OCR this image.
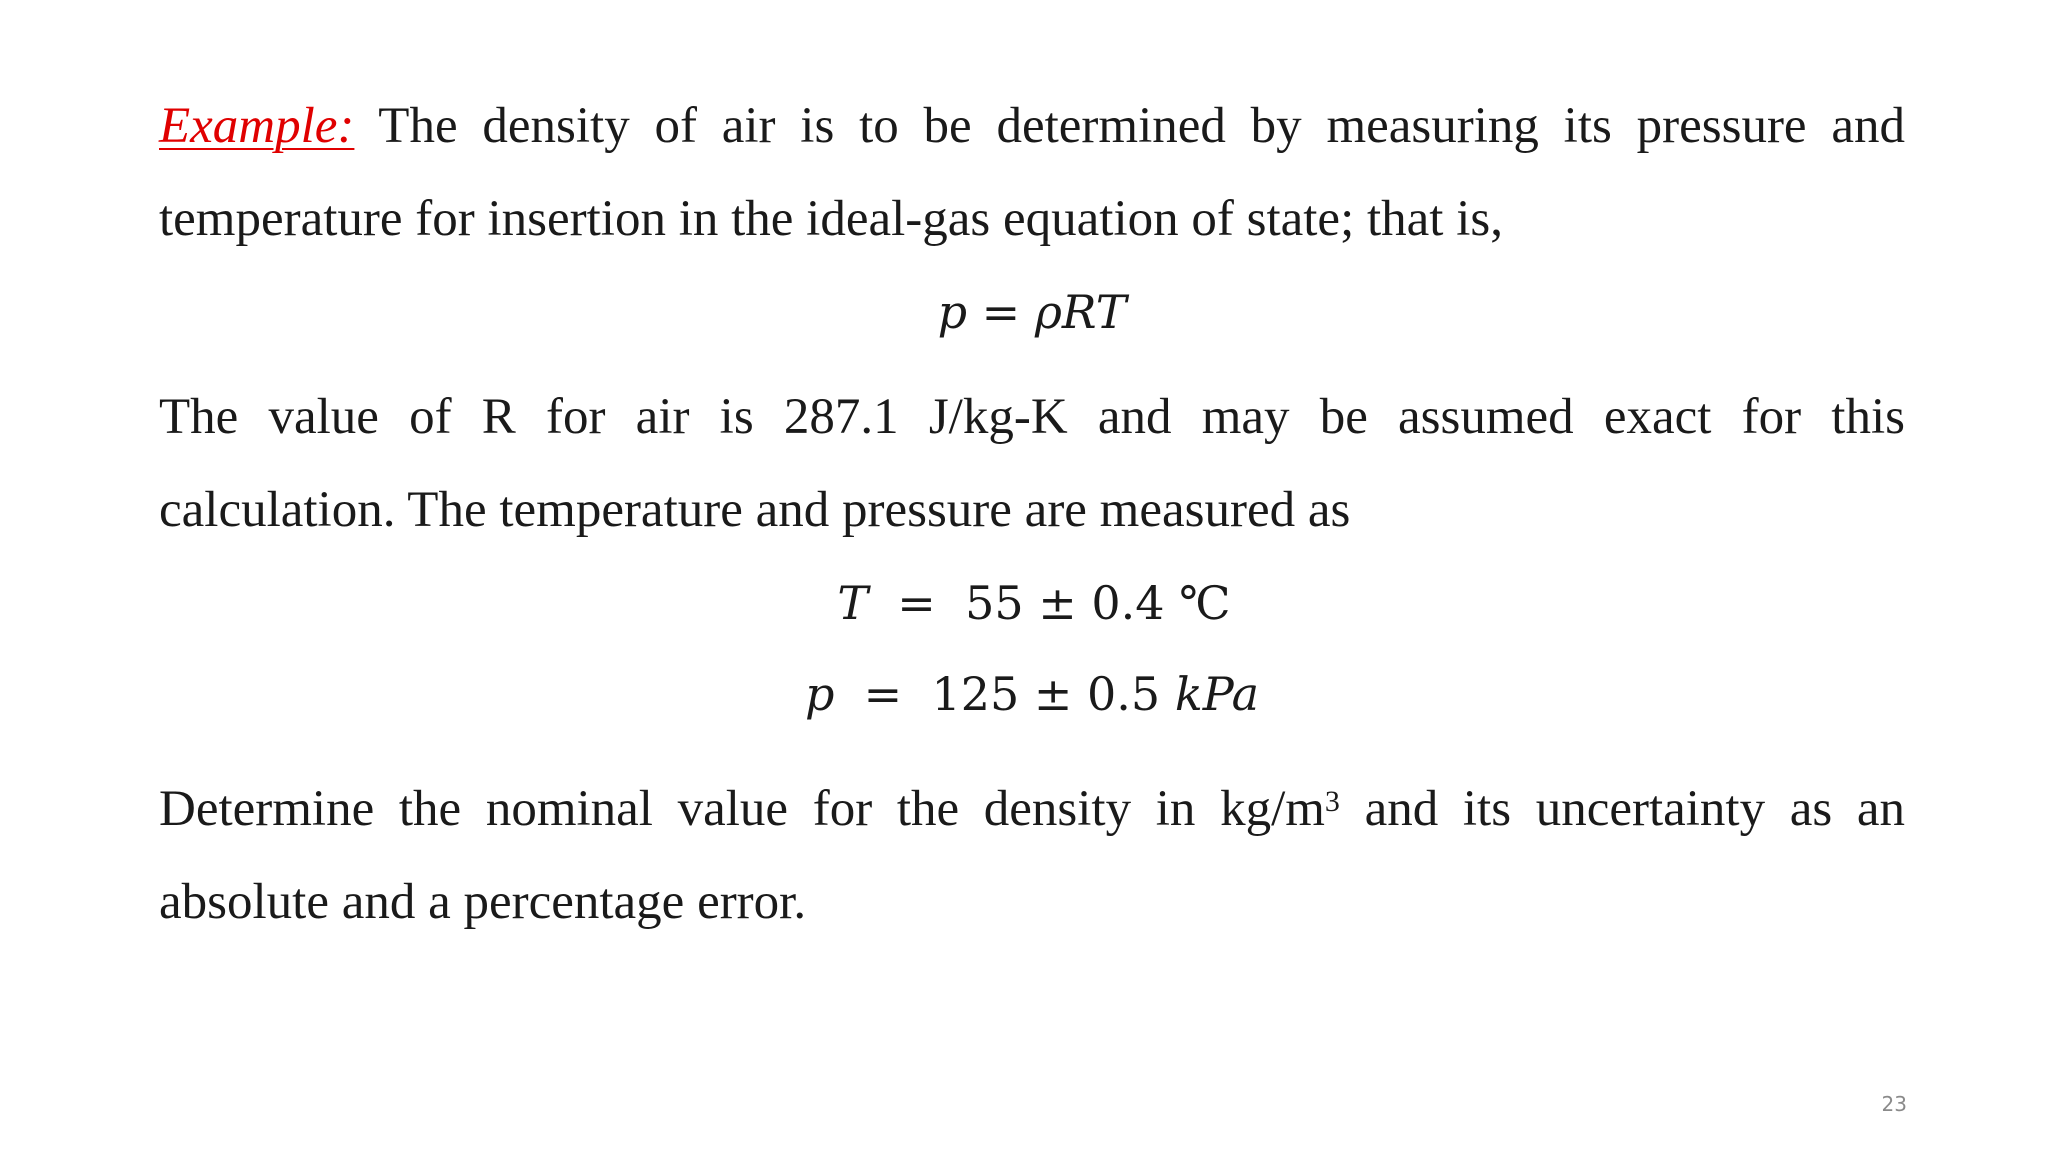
Example: The density of air is to be determined by measuring its pressure and
temperature for insertion in the ideal-gas equation of state; that is,

p = ρRT

The value of R for air is 287.1 J/kg-K and may be assumed exact for this
calculation. The temperature and pressure are measured as

T  =  55 ± 0.4 ℃

p  =  125 ± 0.5 kPa

Determine the nominal value for the density in $kg/m^3$ and its uncertainty as an
absolute and a percentage error.

23
